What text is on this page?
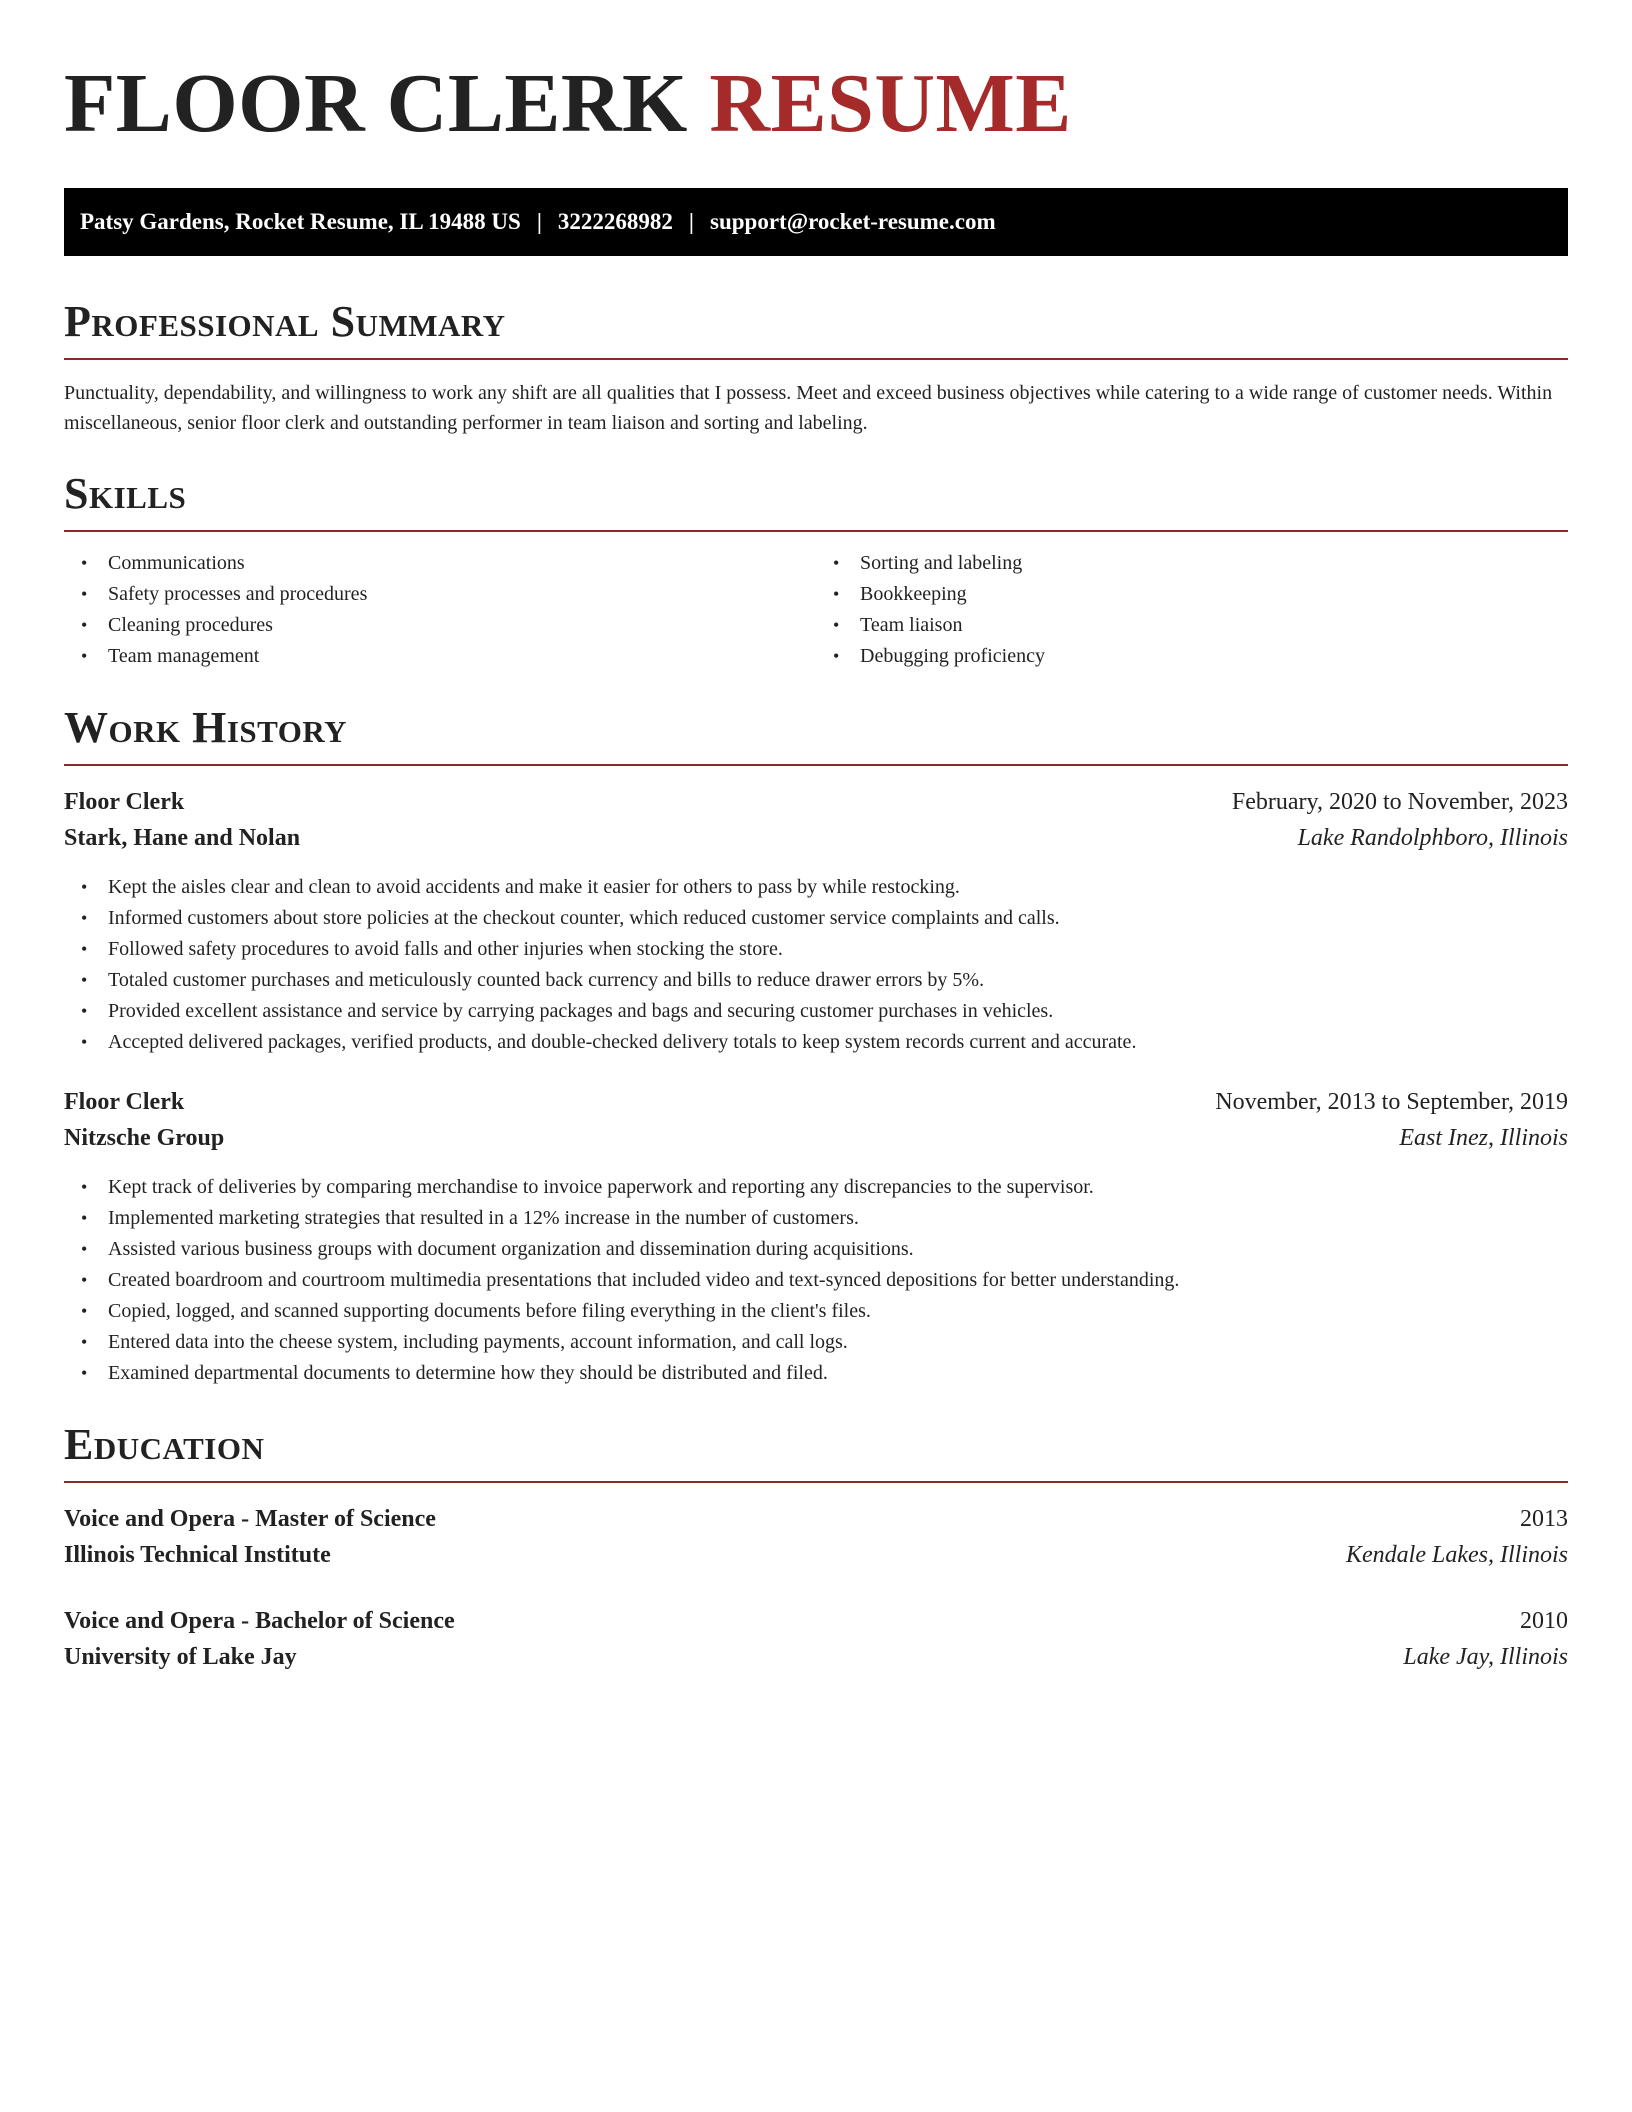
FLOOR CLERK RESUME
Patsy Gardens, Rocket Resume, IL 19488 US | 3222268982 | support@rocket-resume.com
Professional Summary

Punctuality, dependability, and willingness to work any shift are all qualities that I possess. Meet and exceed business objectives while catering to a wide range of customer needs. Within miscellaneous, senior floor clerk and outstanding performer in team liaison and sorting and labeling.

Skills
• Communications
• Safety processes and procedures
• Cleaning procedures
• Team management
• Sorting and labeling
• Bookkeeping
• Team liaison
• Debugging proficiency
Work History
Floor Clerk	February, 2020 to November, 2023
Stark, Hane and Nolan	Lake Randolphboro, Illinois
• Kept the aisles clear and clean to avoid accidents and make it easier for others to pass by while restocking.
• Informed customers about store policies at the checkout counter, which reduced customer service complaints and calls.
• Followed safety procedures to avoid falls and other injuries when stocking the store.
• Totaled customer purchases and meticulously counted back currency and bills to reduce drawer errors by 5%.
• Provided excellent assistance and service by carrying packages and bags and securing customer purchases in vehicles.
• Accepted delivered packages, verified products, and double-checked delivery totals to keep system records current and accurate.
Floor Clerk	November, 2013 to September, 2019
Nitzsche Group	East Inez, Illinois
• Kept track of deliveries by comparing merchandise to invoice paperwork and reporting any discrepancies to the supervisor.
• Implemented marketing strategies that resulted in a 12% increase in the number of customers.
• Assisted various business groups with document organization and dissemination during acquisitions.
• Created boardroom and courtroom multimedia presentations that included video and text-synced depositions for better understanding.
• Copied, logged, and scanned supporting documents before filing everything in the client's files.
• Entered data into the cheese system, including payments, account information, and call logs.
• Examined departmental documents to determine how they should be distributed and filed.
Education
Voice and Opera - Master of Science	2013
Illinois Technical Institute	Kendale Lakes, Illinois
Voice and Opera - Bachelor of Science	2010
University of Lake Jay	Lake Jay, Illinois
